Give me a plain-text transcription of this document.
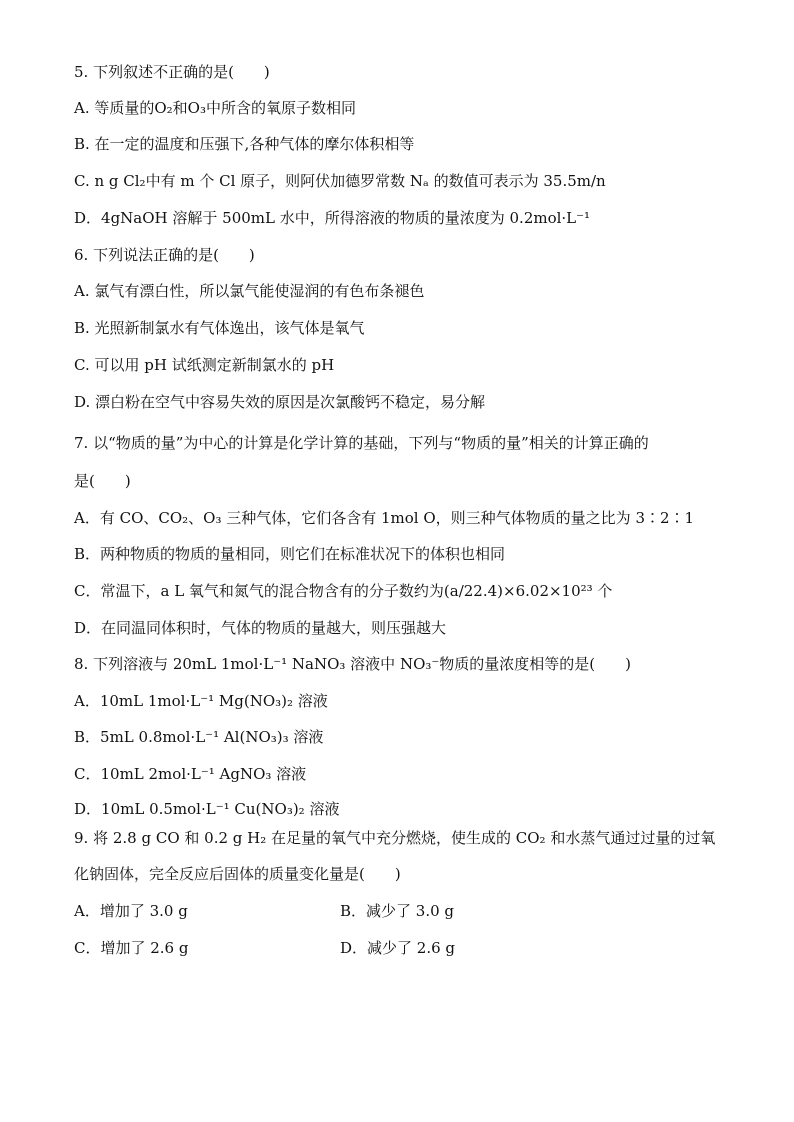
5. 下列叙述不正确的是(　　)
A. 等质量的O₂和O₃中所含的氧原子数相同
B. 在一定的温度和压强下,各种气体的摩尔体积相等
C. n g Cl₂中有 m 个 Cl 原子，则阿伏加德罗常数 Nₐ 的数值可表示为 35.5m/n
D．4gNaOH 溶解于 500mL 水中，所得溶液的物质的量浓度为 0.2mol·L⁻¹
6. 下列说法正确的是(　　)
A. 氯气有漂白性，所以氯气能使湿润的有色布条褪色
B. 光照新制氯水有气体逸出，该气体是氧气
C. 可以用 pH 试纸测定新制氯水的 pH
D. 漂白粉在空气中容易失效的原因是次氯酸钙不稳定，易分解
7. 以“物质的量”为中心的计算是化学计算的基础，下列与“物质的量”相关的计算正确的
是(　　)
A．有 CO、CO₂、O₃ 三种气体，它们各含有 1mol O，则三种气体物质的量之比为 3∶2∶1
B．两种物质的物质的量相同，则它们在标准状况下的体积也相同
C．常温下，a L 氧气和氮气的混合物含有的分子数约为(a/22.4)×6.02×10²³ 个
D．在同温同体积时，气体的物质的量越大，则压强越大
8. 下列溶液与 20mL 1mol·L⁻¹ NaNO₃ 溶液中 NO₃⁻物质的量浓度相等的是(　　)
A．10mL 1mol·L⁻¹ Mg(NO₃)₂ 溶液
B．5mL 0.8mol·L⁻¹ Al(NO₃)₃ 溶液
C．10mL 2mol·L⁻¹ AgNO₃ 溶液
D．10mL 0.5mol·L⁻¹ Cu(NO₃)₂ 溶液
9. 将 2.8 g CO 和 0.2 g H₂ 在足量的氧气中充分燃烧，使生成的 CO₂ 和水蒸气通过过量的过氧
化钠固体，完全反应后固体的质量变化量是(　　)
A．增加了 3.0 g	B．减少了 3.0 g
C．增加了 2.6 g	D．减少了 2.6 g
